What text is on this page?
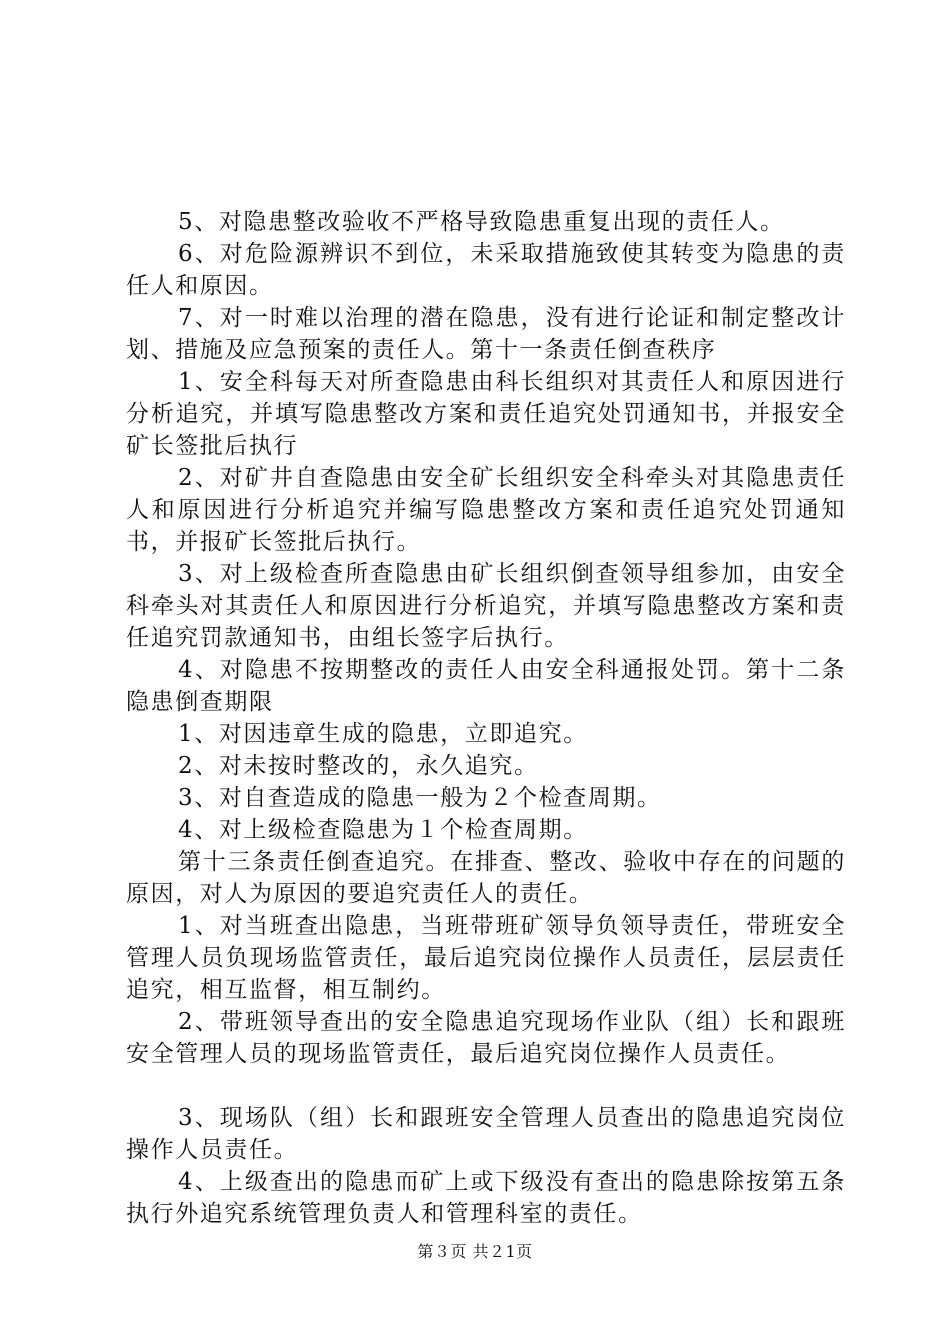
5、对隐患整改验收不严格导致隐患重复出现的责任人。

6、对危险源辨识不到位，未采取措施致使其转变为隐患的责任人和原因。

7、对一时难以治理的潜在隐患，没有进行论证和制定整改计划、措施及应急预案的责任人。第十一条责任倒查秩序

1、安全科每天对所查隐患由科长组织对其责任人和原因进行分析追究，并填写隐患整改方案和责任追究处罚通知书，并报安全矿长签批后执行

2、对矿井自查隐患由安全矿长组织安全科牵头对其隐患责任人和原因进行分析追究并编写隐患整改方案和责任追究处罚通知书，并报矿长签批后执行。

3、对上级检查所查隐患由矿长组织倒查领导组参加，由安全科牵头对其责任人和原因进行分析追究，并填写隐患整改方案和责任追究罚款通知书，由组长签字后执行。

4、对隐患不按期整改的责任人由安全科通报处罚。第十二条隐患倒查期限

1、对因违章生成的隐患，立即追究。

2、对未按时整改的，永久追究。

3、对自查造成的隐患一般为２个检查周期。

4、对上级检查隐患为１个检查周期。

第十三条责任倒查追究。在排查、整改、验收中存在的问题的原因，对人为原因的要追究责任人的责任。

1、对当班查出隐患，当班带班矿领导负领导责任，带班安全管理人员负现场监管责任，最后追究岗位操作人员责任，层层责任追究，相互监督，相互制约。

2、带班领导查出的安全隐患追究现场作业队（组）长和跟班安全管理人员的现场监管责任，最后追究岗位操作人员责任。

3、现场队（组）长和跟班安全管理人员查出的隐患追究岗位操作人员责任。

4、上级查出的隐患而矿上或下级没有查出的隐患除按第五条执行外追究系统管理负责人和管理科室的责任。

第３页 共２1页
